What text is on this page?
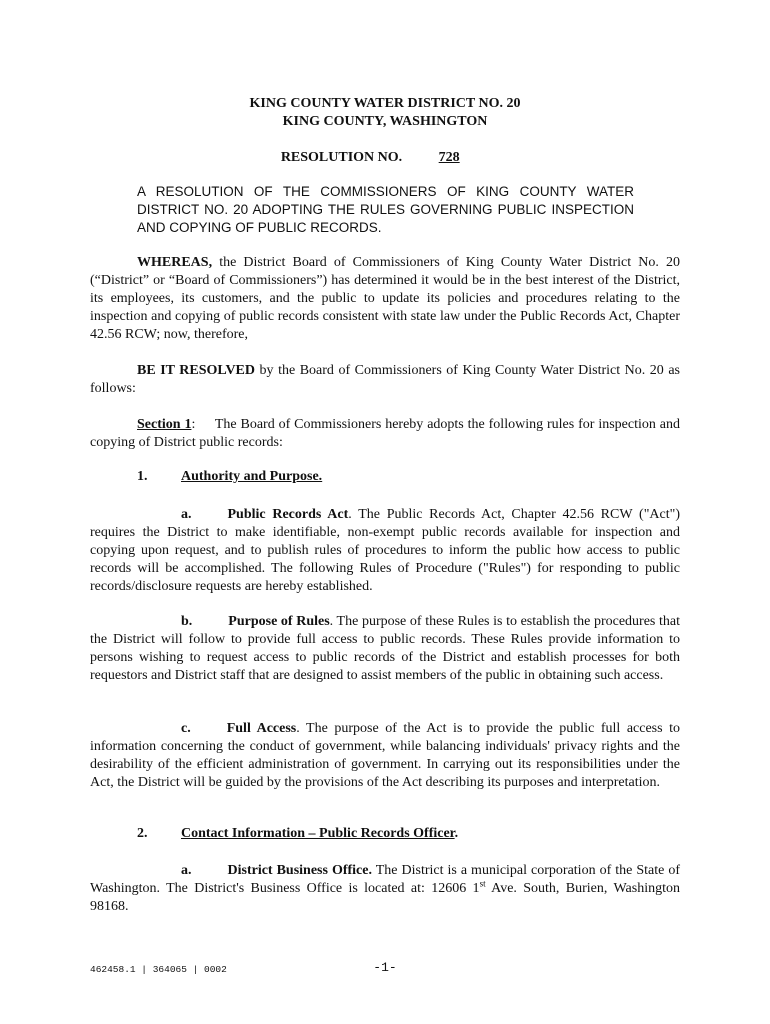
KING COUNTY WATER DISTRICT NO. 20
KING COUNTY, WASHINGTON
RESOLUTION NO.	728
A RESOLUTION OF THE COMMISSIONERS OF KING COUNTY WATER DISTRICT NO. 20 ADOPTING THE RULES GOVERNING PUBLIC INSPECTION AND COPYING OF PUBLIC RECORDS.
WHEREAS, the District Board of Commissioners of King County Water District No. 20 (“District” or “Board of Commissioners”) has determined it would be in the best interest of the District, its employees, its customers, and the public to update its policies and procedures relating to the inspection and copying of public records consistent with state law under the Public Records Act, Chapter 42.56 RCW; now, therefore,
BE IT RESOLVED by the Board of Commissioners of King County Water District No. 20 as follows:
Section 1:     The Board of Commissioners hereby adopts the following rules for inspection and copying of District public records:
1. Authority and Purpose.
a.	Public Records Act. The Public Records Act, Chapter 42.56 RCW ("Act") requires the District to make identifiable, non-exempt public records available for inspection and copying upon request, and to publish rules of procedures to inform the public how access to public records will be accomplished. The following Rules of Procedure ("Rules") for responding to public records/disclosure requests are hereby established.
b.	Purpose of Rules. The purpose of these Rules is to establish the procedures that the District will follow to provide full access to public records. These Rules provide information to persons wishing to request access to public records of the District and establish processes for both requestors and District staff that are designed to assist members of the public in obtaining such access.
c.	Full Access. The purpose of the Act is to provide the public full access to information concerning the conduct of government, while balancing individuals' privacy rights and the desirability of the efficient administration of government. In carrying out its responsibilities under the Act, the District will be guided by the provisions of the Act describing its purposes and interpretation.
2. Contact Information – Public Records Officer.
a.	District Business Office. The District is a municipal corporation of the State of Washington. The District's Business Office is located at: 12606 1st Ave. South, Burien, Washington 98168.
462458.1 | 364065 | 0002	-1-
